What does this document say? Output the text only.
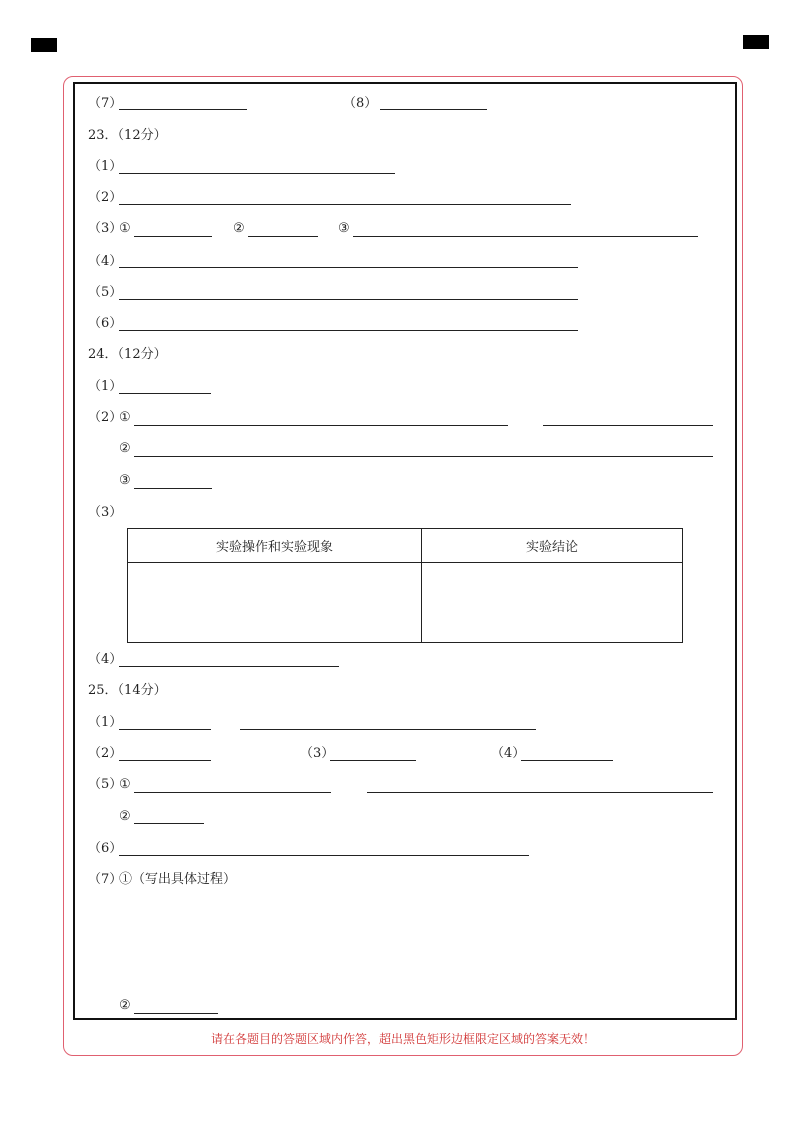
（7）	（8）
23．（12分）
（1）
（2）
（3）
①	②	③
（4）
（5）
（6）
24．（12分）
（1）
（2）
①
②
③
（3）
实验操作和实验现象	实验结论

（4）
25．（14分）
（1）
（2）	（3）	（4）
（5）
①
②
（6）
（7）
①（写出具体过程）
②
请在各题目的答题区域内作答，超出黑色矩形边框限定区域的答案无效！
